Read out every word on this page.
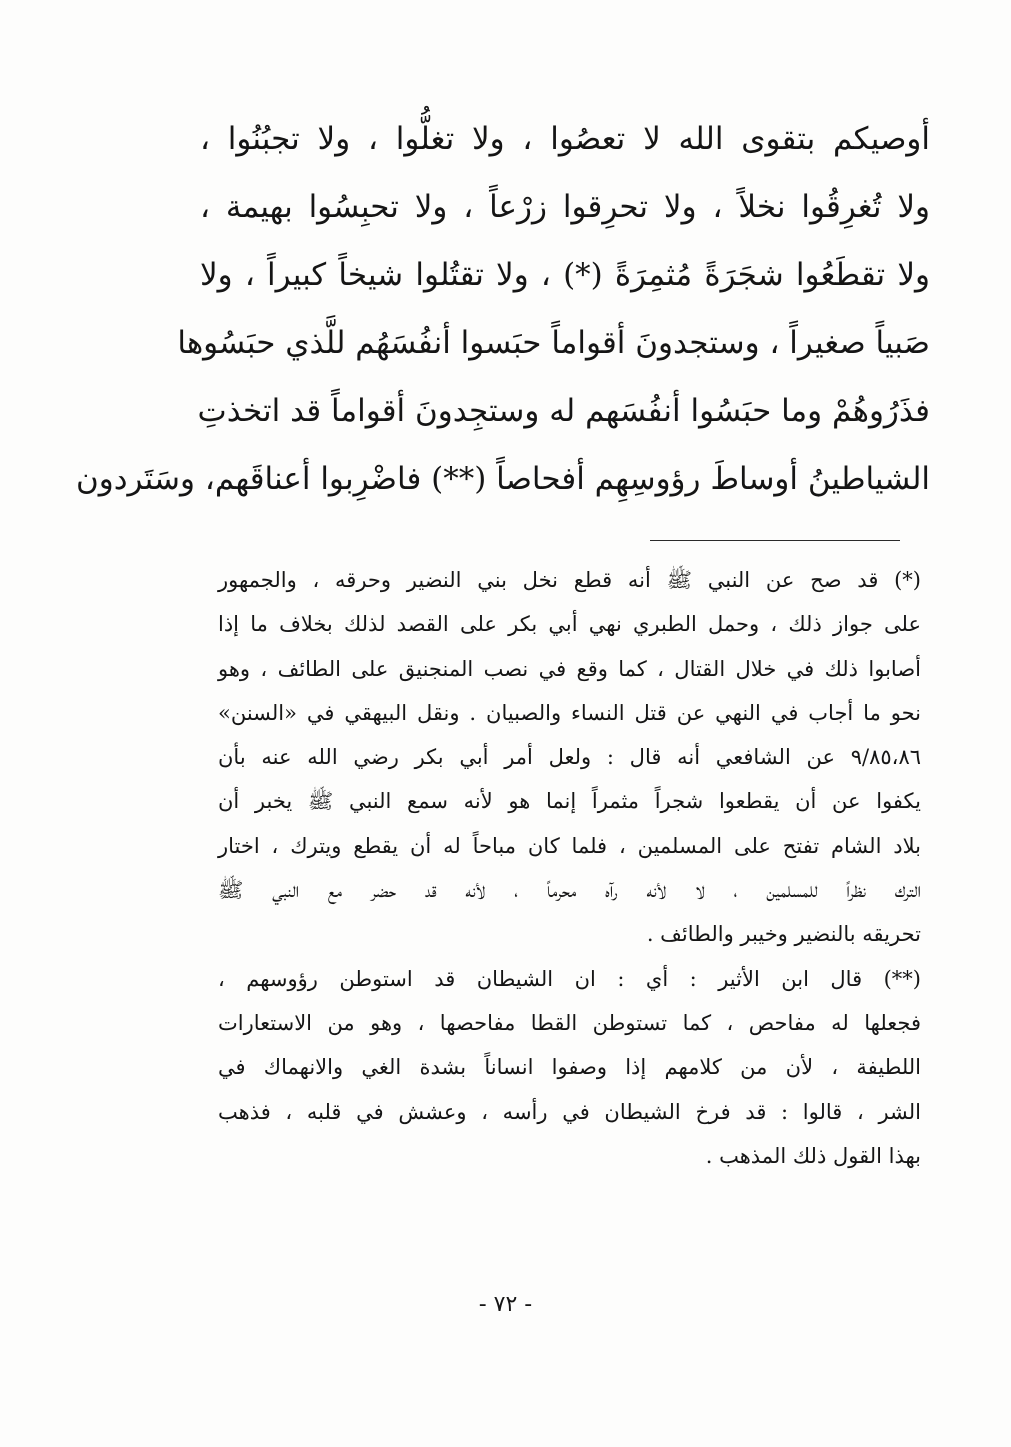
أوصيكم بتقوى الله لا تعصُوا ، ولا تغلُّوا ، ولا تجبُنُوا ،
ولا تُغرِقُوا نخلاً ، ولا تحرِقوا زرْعاً ، ولا تحبِسُوا بهيمة ،
ولا تقطَعُوا شجَرَةً مُثمِرَةً (*) ، ولا تقتُلوا شيخاً كبيراً ، ولا
صَبياً صغيراً ، وستجدونَ أقواماً حبَسوا أنفُسَهُم للَّذي حبَسُوها
فذَرُوهُمْ وما حبَسُوا أنفُسَهم له وستجِدونَ أقواماً قد اتخذتِ
الشياطينُ أوساطَ رؤوسِهِم أفحاصاً (**) فاضْرِبوا أعناقَهم، وسَتَردون
(*) قد صح عن النبي ﷺ أنه قطع نخل بني النضير وحرقه ، والجمهور
على جواز ذلك ، وحمل الطبري نهي أبي بكر على القصد لذلك بخلاف ما إذا
أصابوا ذلك في خلال القتال ، كما وقع في نصب المنجنيق على الطائف ، وهو
نحو ما أجاب في النهي عن قتل النساء والصبيان . ونقل البيهقي في «السنن»
٩/٨٥،٨٦ عن الشافعي أنه قال : ولعل أمر أبي بكر رضي الله عنه بأن
يكفوا عن أن يقطعوا شجراً مثمراً إنما هو لأنه سمع النبي ﷺ يخبر أن
بلاد الشام تفتح على المسلمين ، فلما كان مباحاً له أن يقطع ويترك ، اختار
الترك نظراً للمسلمين ، لا لأنه رآه محرماً ، لأنه قد حضر مع النبي ﷺ
تحريقه بالنضير وخيبر والطائف .
(**) قال ابن الأثير : أي : ان الشيطان قد استوطن رؤوسهم ،
فجعلها له مفاحص ، كما تستوطن القطا مفاحصها ، وهو من الاستعارات
اللطيفة ، لأن من كلامهم إذا وصفوا انساناً بشدة الغي والانهماك في
الشر ، قالوا : قد فرخ الشيطان في رأسه ، وعشش في قلبه ، فذهب
بهذا القول ذلك المذهب .
- ٧٢ -
